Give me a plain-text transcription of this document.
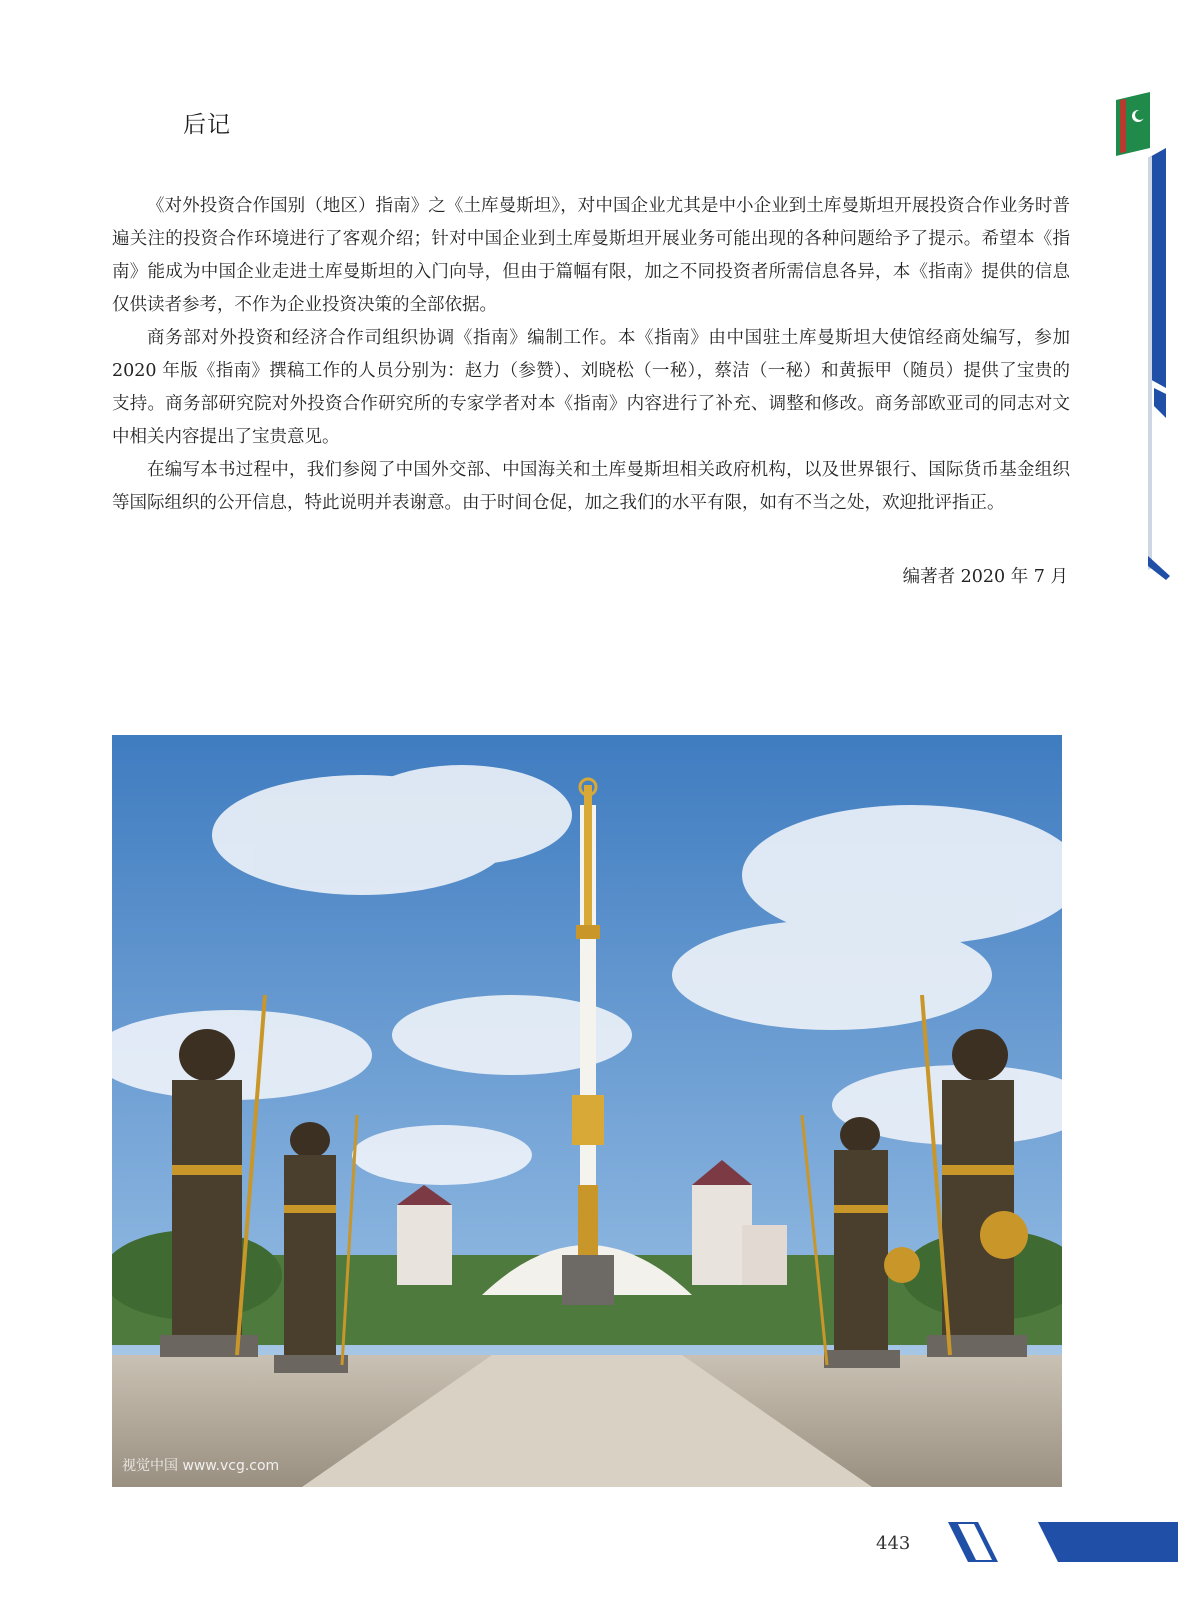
后记

《对外投资合作国别（地区）指南》之《土库曼斯坦》，对中国企业尤其是中小企业到土库曼斯坦开展投资合作业务时普遍关注的投资合作环境进行了客观介绍；针对中国企业到土库曼斯坦开展业务可能出现的各种问题给予了提示。希望本《指南》能成为中国企业走进土库曼斯坦的入门向导，但由于篇幅有限，加之不同投资者所需信息各异，本《指南》提供的信息仅供读者参考，不作为企业投资决策的全部依据。

商务部对外投资和经济合作司组织协调《指南》编制工作。本《指南》由中国驻土库曼斯坦大使馆经商处编写，参加 2020 年版《指南》撰稿工作的人员分别为：赵力（参赞）、刘晓松（一秘），蔡洁（一秘）和黄振甲（随员）提供了宝贵的支持。商务部研究院对外投资合作研究所的专家学者对本《指南》内容进行了补充、调整和修改。商务部欧亚司的同志对文中相关内容提出了宝贵意见。

在编写本书过程中，我们参阅了中国外交部、中国海关和土库曼斯坦相关政府机构，以及世界银行、国际货币基金组织等国际组织的公开信息，特此说明并表谢意。由于时间仓促，加之我们的水平有限，如有不当之处，欢迎批评指正。

编著者 2020 年 7 月
视觉中国 www.vcg.com
443
